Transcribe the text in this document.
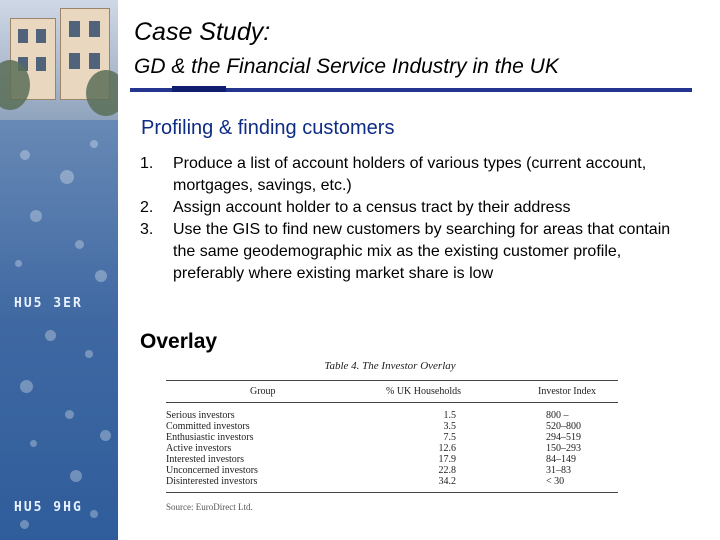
HU5 3ER
HU5 9HG
Case Study:
GD & the Financial Service Industry in the UK
Profiling & finding customers
1. Produce a list of account holders of various types (current account, mortgages, savings, etc.)
2. Assign account holder to a census tract by their address
3. Use the GIS to find new customers by searching for areas that contain the same geodemographic mix as the existing customer profile, preferably where existing market share is low
Overlay
Table 4. The Investor Overlay
Group	% UK Households	Investor Index
Serious investors	1.5	800 –
Committed investors	3.5	520–800
Enthusiastic investors	7.5	294–519
Active investors	12.6	150–293
Interested investors	17.9	84–149
Unconcerned investors	22.8	31–83
Disinterested investors	34.2	< 30
Source: EuroDirect Ltd.
